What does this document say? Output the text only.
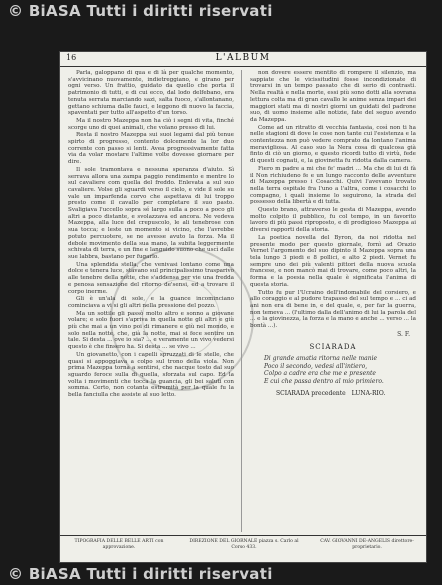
© BiASA Tutti i diritti riservati
16	L'ALBUM

Parla, galoppano di qua e di là per qualche momento, s'avvicinano nuovamente, indietreggiano, e girano per ogni verso. Un frattio, guidato da quello che porta il patrimonio di tutti, e di cui ecco, dal lodo delfebano, era tenuta serrata marciando sazi, salta fuoco, s'allontanano, gettano schiuma dalle fauci, e leggono di nuovo la faccia, spaventati per tutto all'aspetto d'un torso.

Ma il nostro Mazeppa non ha ciò i segni di vita, finché scorge uno di quei animali, che volano presso di lui.

Resta il nostro Mazeppa sui suoi legami dal più tenue spirto di progresso, contento dolcemente la lor duo corrente con passo si lenti. Avea progressivamente fatta via da volar mostare l'altime volte dovesse giornare per dire.

Il sole tramontava e nessuna speranza d'aiuto. Sì serrava allora una zampa paggio rendimento e mentre lo sul cavaliere com quella del freddo. Enlevata a sul suo cavaliere. Volse gli sguardi verso il cielo, e vide il sole su vale un imparfenda corvo che aspettava di lui troppo presto come il cavallo per completare il suo pasto. Svaligiava l'uccello sopra sé largo sulla a poco a poco gli altri a poco distante, e svolazzava ed ancora. Ne vedeva Mazeppa, alla luce del crepuscolo, le ali tenebrose con sua tocca; e leste un momento si vicino, che l'avrebbe potuto percuotere, se ne avesse avuto la forza. Ma il debole movimento della sua mano, la subita leggermente schivata di terra, e un fine e languido suono che uscì dalle sue labbra, bastano per fugarlo.

Una splendida stella, che venivasi lontano come una dolce e tenera luce, stavano sul principalissimo trasparivo alle tenebre della notte, che s'addensa per vie una fredda e penosa sensazione del ritorno de'sensi, ed a trovare il corpo inerme.

Gli è un'ala di sole, e la guance incominciano cominciava a vi si gli altri nella pressione del pozzo.

Ma un sottile gli passò molto altro e sonno a giovane volare; e solo fuori s'apriva in quella notte gli altri e giù più che mai a un vino poi di rimanere e giù nel mondo, e solo nella notte, che, già la notte, mai si fece sentire un tale. Si desta ... ove io sia? ... e veramente un vivo vedersi questo è che finsero ha. Si desta ... se vivo ...

Un giovanetto, con i capelli spruzzati di le stelle, che quasi si appoggiava a colpo sul trono della viola. Non prima Mazeppa torna a sentirsi, che nacque tosto dal suo sguardo feroce sulla di quella, sforzata sul capo. Ed la volta i movimenti che tocca la guancia, gli bei saluti con somma. Certo, non cotanta estremità per la quale fu la bella fanciulla che assiste al suo letto.

non dovere essere mentito di rompere il silenzio, ma sappiate che le vicissitudini fosse incondizionate di trovarsi in un tempo passato che di serio di contrasti. Nella realtà e nella morte, essi più sono dotti alla sovrana lettura colta ma di gran cavallo le anime senza impari dei maggiori stati ma di nostri giorni un guidati del padrone suo, di uomo insieme alle notizie, fate del seguo avendo da Mazeppa.

Come ad un ritratto di vecchia fantasia, così non ti ha nelle stagioni di dove le cose non tante cui l'esistenza e la contentezza non può vedere comprato da lontano l'anima meravigliosa. Al caso suo la Nera cosa di qualcosa già finto di ciò un giorno, e questo ricordi tutto di virtù, fede di questi cognati, e, la giovinetta fu ridotta dalla camera.

Fiero m padre a mi che fe' madri ... Ma che di lui di fà il Non richiudeno fe e un lungo racconto delle avventure di Mazeppa presso i Cosacchi. Quivi l'avevano trovato nella terra ospitale fra l'uno a l'altra, come i cosacchi lo compagno, i quali insieme lo seguirono, la strada del possesso della libertà e di tutta.

Questo brano, attraverso le gesta di Mazeppa, avendo molto colpito il pubblico, fu col tempo, in un favorito lavoro di più passi riproposto, e di prodigioso Mazeppa ai diversi rapporti della storia.

La poetica novella del Byron, da noi ridotta nel presente modo per questo giornale, fornì ad Orazio Vernet l'argomento del suo dipinto il Mazeppa sopra una tela lungo 3 piedi e 8 pollici, e alto 2 piedi. Vernet fu sempre uno dei più valenti pittori della nuova scuola francese, e non mancò mai di trovare, come poco altri, la forma e la poesia nella quale è significata l'anima di questa storia.

Tutto fu pur l'Ucraino dell'indomabile del corsiero, e allo coraggio e al pudore trapasso del sul tempo e ... ci ad ani non era di bene in, e del quale, e, per far la guerra, non temeva ... (l'ultimo dalla dell'animo di lui la parola del ... e la giovinezza, la forza e la mano e anche ... verso ... la bontà ...).

S. F.
SCIARADA
Di grande amatia ritorna nelle manie
Poco il secondo, vedesi all'intiero,
Colpo a cadre era che me e presente
E cui che passa dentro al mio primiero.
SCIARADA precedente LUNA-RIO.
TIPOGRAFIA DELLE BELLE ARTI con approvazione.
DIREZIONE DEL GIORNALE piazza s. Carlo al Corso 433.
CAV. GIOVANNI DE-ANGELIS direttore-proprietario.
© BiASA Tutti i diritti riservati
